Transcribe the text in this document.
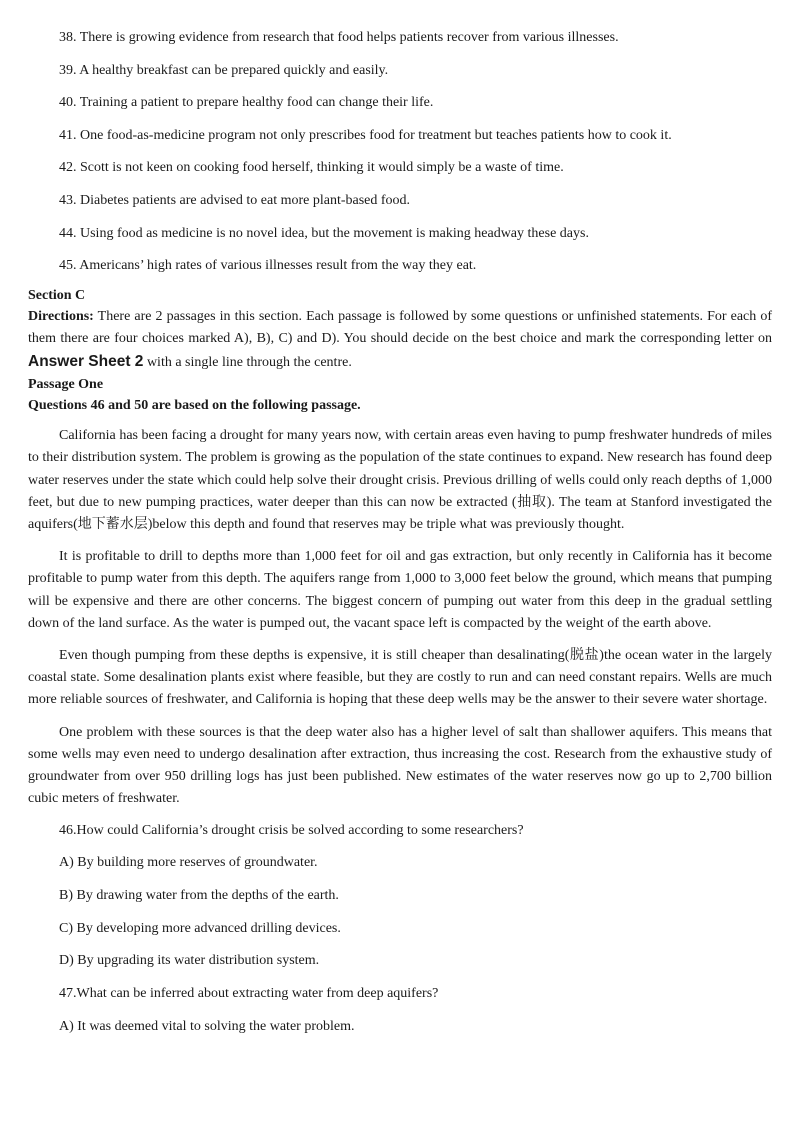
38. There is growing evidence from research that food helps patients recover from various illnesses.
39. A healthy breakfast can be prepared quickly and easily.
40. Training a patient to prepare healthy food can change their life.
41. One food-as-medicine program not only prescribes food for treatment but teaches patients how to cook it.
42. Scott is not keen on cooking food herself, thinking it would simply be a waste of time.
43. Diabetes patients are advised to eat more plant-based food.
44. Using food as medicine is no novel idea, but the movement is making headway these days.
45. Americans’ high rates of various illnesses result from the way they eat.
Section C
Directions: There are 2 passages in this section. Each passage is followed by some questions or unfinished statements. For each of them there are four choices marked A), B), C) and D). You should decide on the best choice and mark the corresponding letter on Answer Sheet 2 with a single line through the centre.
Passage One
Questions 46 and 50 are based on the following passage.

California has been facing a drought for many years now, with certain areas even having to pump freshwater hundreds of miles to their distribution system. The problem is growing as the population of the state continues to expand. New research has found deep water reserves under the state which could help solve their drought crisis. Previous drilling of wells could only reach depths of 1,000 feet, but due to new pumping practices, water deeper than this can now be extracted (抽取). The team at Stanford investigated the aquifers(地下蓄水层)below this depth and found that reserves may be triple what was previously thought.

It is profitable to drill to depths more than 1,000 feet for oil and gas extraction, but only recently in California has it become profitable to pump water from this depth. The aquifers range from 1,000 to 3,000 feet below the ground, which means that pumping will be expensive and there are other concerns. The biggest concern of pumping out water from this deep in the gradual settling down of the land surface. As the water is pumped out, the vacant space left is compacted by the weight of the earth above.

Even though pumping from these depths is expensive, it is still cheaper than desalinating(脱盐)the ocean water in the largely coastal state. Some desalination plants exist where feasible, but they are costly to run and can need constant repairs. Wells are much more reliable sources of freshwater, and California is hoping that these deep wells may be the answer to their severe water shortage.

One problem with these sources is that the deep water also has a higher level of salt than shallower aquifers. This means that some wells may even need to undergo desalination after extraction, thus increasing the cost. Research from the exhaustive study of groundwater from over 950 drilling logs has just been published. New estimates of the water reserves now go up to 2,700 billion cubic meters of freshwater.

46.How could California’s drought crisis be solved according to some researchers?
A) By building more reserves of groundwater.
B) By drawing water from the depths of the earth.
C) By developing more advanced drilling devices.
D) By upgrading its water distribution system.
47.What can be inferred about extracting water from deep aquifers?
A) It was deemed vital to solving the water problem.
